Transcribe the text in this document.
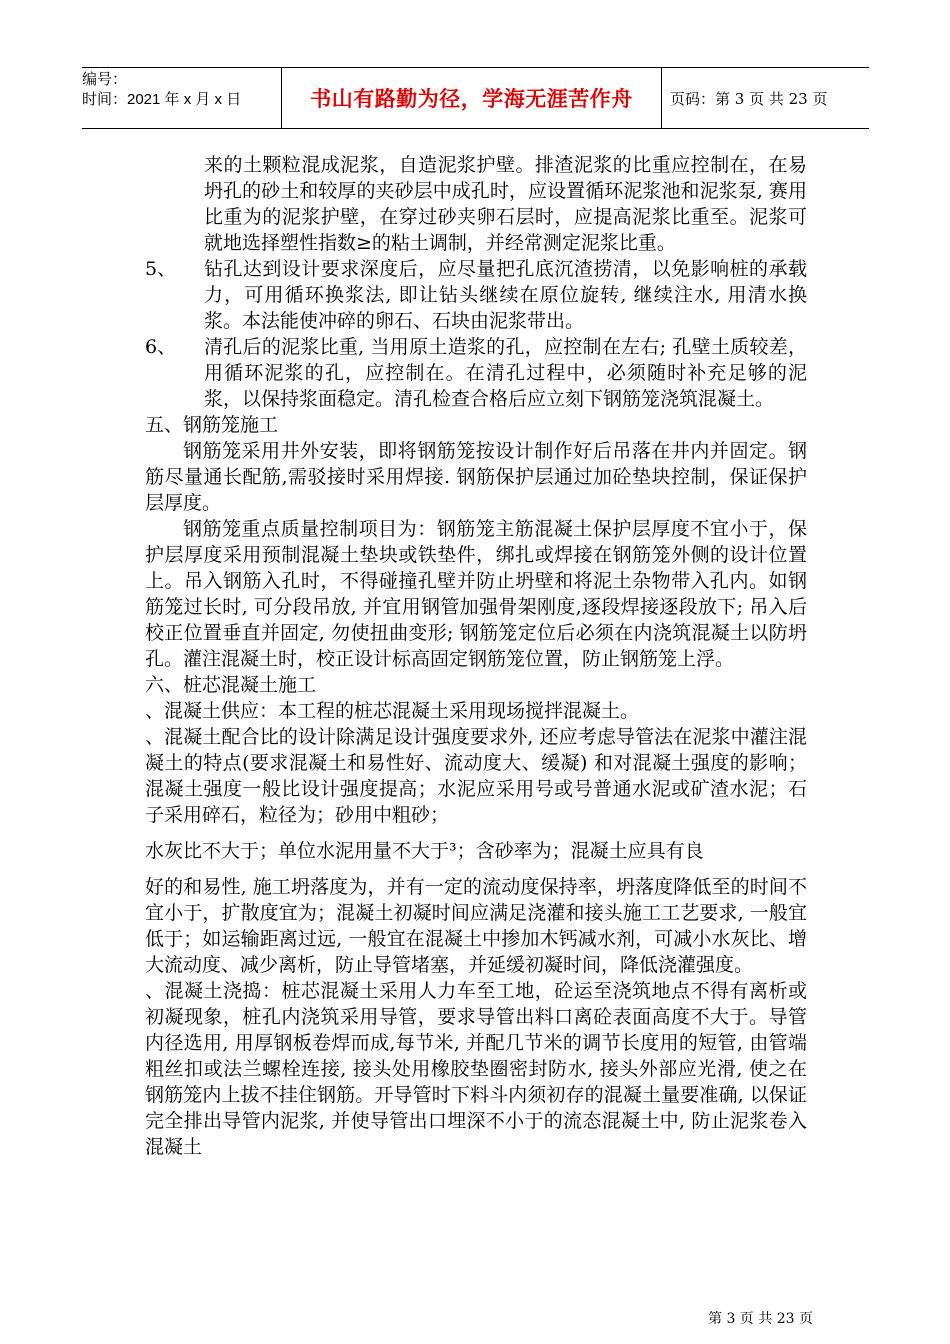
编号：
时间：2021 年 x 月 x 日	书山有路勤为径，学海无涯苦作舟 页码：第 3 页 共 23 页

来的土颗粒混成泥浆，自造泥浆护壁。排渣泥浆的比重应控制在，在易坍孔的砂土和较厚的夹砂层中成孔时，应设置循环泥浆池和泥浆泵, 赛用比重为的泥浆护壁，在穿过砂夹卵石层时，应提高泥浆比重至。泥浆可就地选择塑性指数≥的粘土调制，并经常测定泥浆比重。

5、	钻孔达到设计要求深度后，应尽量把孔底沉渣捞清，以免影响桩的承载力，可用循环换浆法, 即让钻头继续在原位旋转, 继续注水, 用清水换浆。本法能使冲碎的卵石、石块由泥浆带出。
6、	清孔后的泥浆比重, 当用原土造浆的孔，应控制在左右; 孔壁土质较差，用循环泥浆的孔，应控制在。在清孔过程中，必须随时补充足够的泥浆，以保持浆面稳定。清孔检查合格后应立刻下钢筋笼浇筑混凝土。

五、钢筋笼施工

钢筋笼采用井外安装，即将钢筋笼按设计制作好后吊落在井内并固定。钢筋尽量通长配筋,需驳接时采用焊接. 钢筋保护层通过加砼垫块控制，保证保护层厚度。

钢筋笼重点质量控制项目为：钢筋笼主筋混凝土保护层厚度不宜小于，保护层厚度采用预制混凝土垫块或铁垫件，绑扎或焊接在钢筋笼外侧的设计位置上。吊入钢筋入孔时，不得碰撞孔壁并防止坍壁和将泥土杂物带入孔内。如钢筋笼过长时, 可分段吊放, 并宜用钢管加强骨架刚度,逐段焊接逐段放下; 吊入后校正位置垂直并固定, 勿使扭曲变形; 钢筋笼定位后必须在内浇筑混凝土以防坍孔。灌注混凝土时，校正设计标高固定钢筋笼位置，防止钢筋笼上浮。

六、桩芯混凝土施工

、混凝土供应：本工程的桩芯混凝土采用现场搅拌混凝土。

、混凝土配合比的设计除满足设计强度要求外, 还应考虑导管法在泥浆中灌注混凝土的特点(要求混凝土和易性好、流动度大、缓凝) 和对混凝土强度的影响；混凝土强度一般比设计强度提高；水泥应采用号或号普通水泥或矿渣水泥；石子采用碎石，粒径为；砂用中粗砂；

水灰比不大于；单位水泥用量不大于³；含砂率为；混凝土应具有良

好的和易性, 施工坍落度为，并有一定的流动度保持率，坍落度降低至的时间不宜小于，扩散度宜为；混凝土初凝时间应满足浇灌和接头施工工艺要求, 一般宜低于；如运输距离过远, 一般宜在混凝土中掺加木钙减水剂，可减小水灰比、增大流动度、减少离析，防止导管堵塞，并延缓初凝时间，降低浇灌强度。

、混凝土浇捣：桩芯混凝土采用人力车至工地，砼运至浇筑地点不得有离析或初凝现象，桩孔内浇筑采用导管，要求导管出料口离砼表面高度不大于。导管内径选用, 用厚钢板卷焊而成,每节米, 并配几节米的调节长度用的短管, 由管端粗丝扣或法兰螺栓连接, 接头处用橡胶垫圈密封防水, 接头外部应光滑, 使之在钢筋笼内上拔不挂住钢筋。开导管时下料斗内须初存的混凝土量要准确, 以保证完全排出导管内泥浆, 并使导管出口埋深不小于的流态混凝土中, 防止泥浆卷入混凝土

第 3 页 共 23 页
